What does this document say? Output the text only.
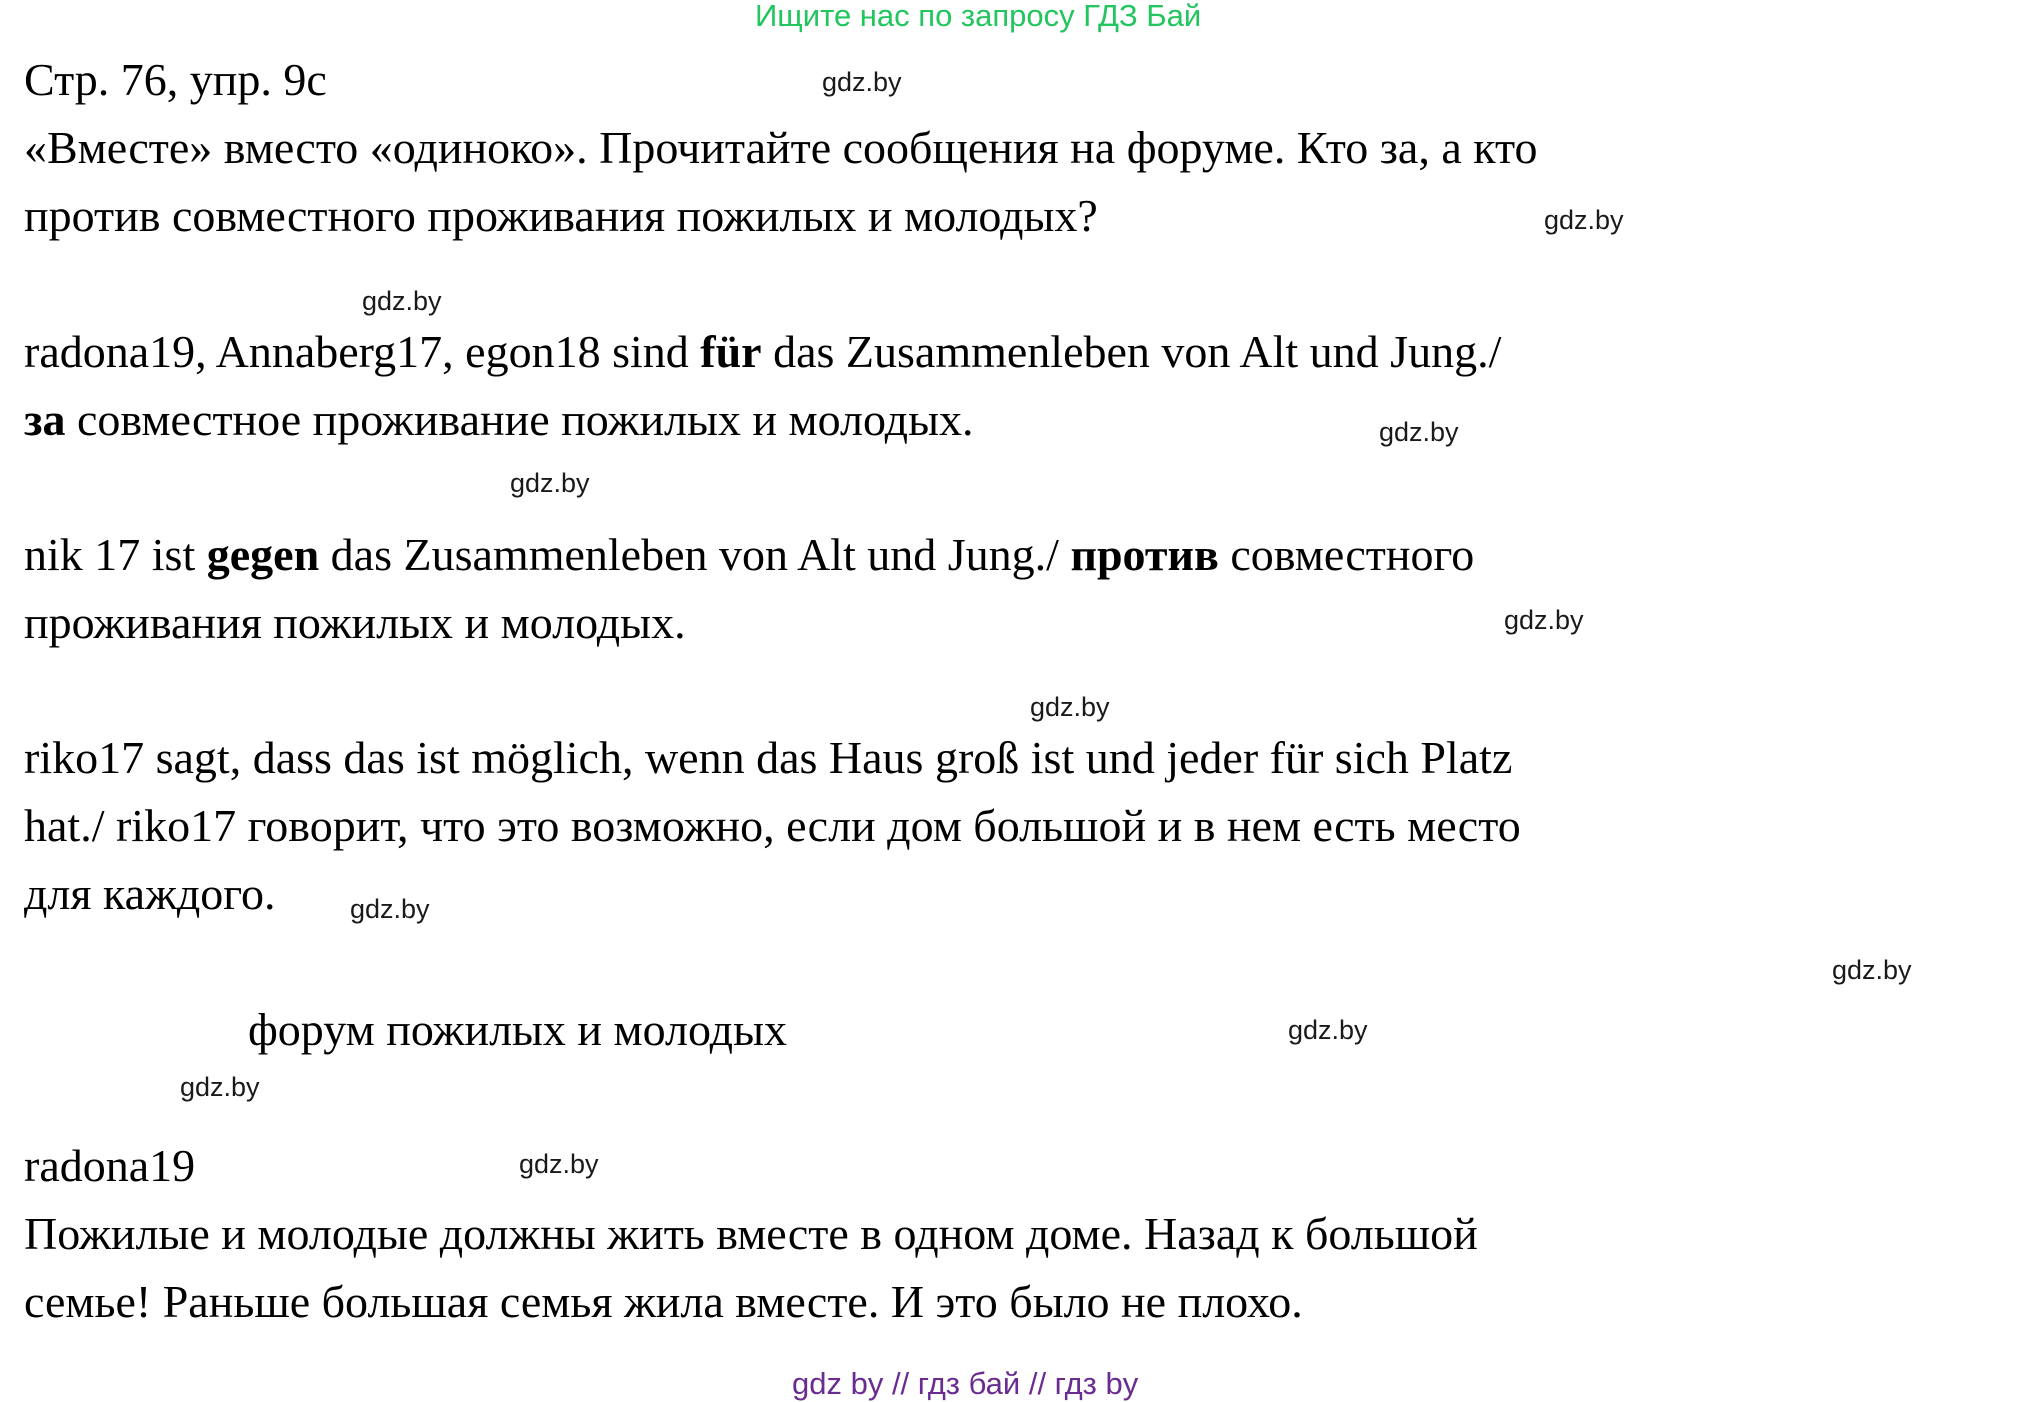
Ищите нас по запросу ГДЗ Бай
Стр. 76, упр. 9c	gdz.by
«Вместе» вместо «одиноко». Прочитайте сообщения на форуме. Кто за, а кто
против совместного проживания пожилых и молодых?	gdz.by
gdz.by
radona19, Annaberg17, egon18 sind für das Zusammenleben von Alt und Jung./
за совместное проживание пожилых и молодых.	gdz.by
gdz.by
nik 17 ist gegen das Zusammenleben von Alt und Jung./ против совместного
проживания пожилых и молодых.	gdz.by
gdz.by
riko17 sagt, dass das ist möglich, wenn das Haus groß ist und jeder für sich Platz
hat./ riko17 говорит, что это возможно, если дом большой и в нем есть место
для каждого.	gdz.by
gdz.by
форум пожилых и молодых	gdz.by
gdz.by
radona19	gdz.by
Пожилые и молодые должны жить вместе в одном доме. Назад к большой
семье! Раньше большая семья жила вместе. И это было не плохо.
gdz by // гдз бай // гдз by
